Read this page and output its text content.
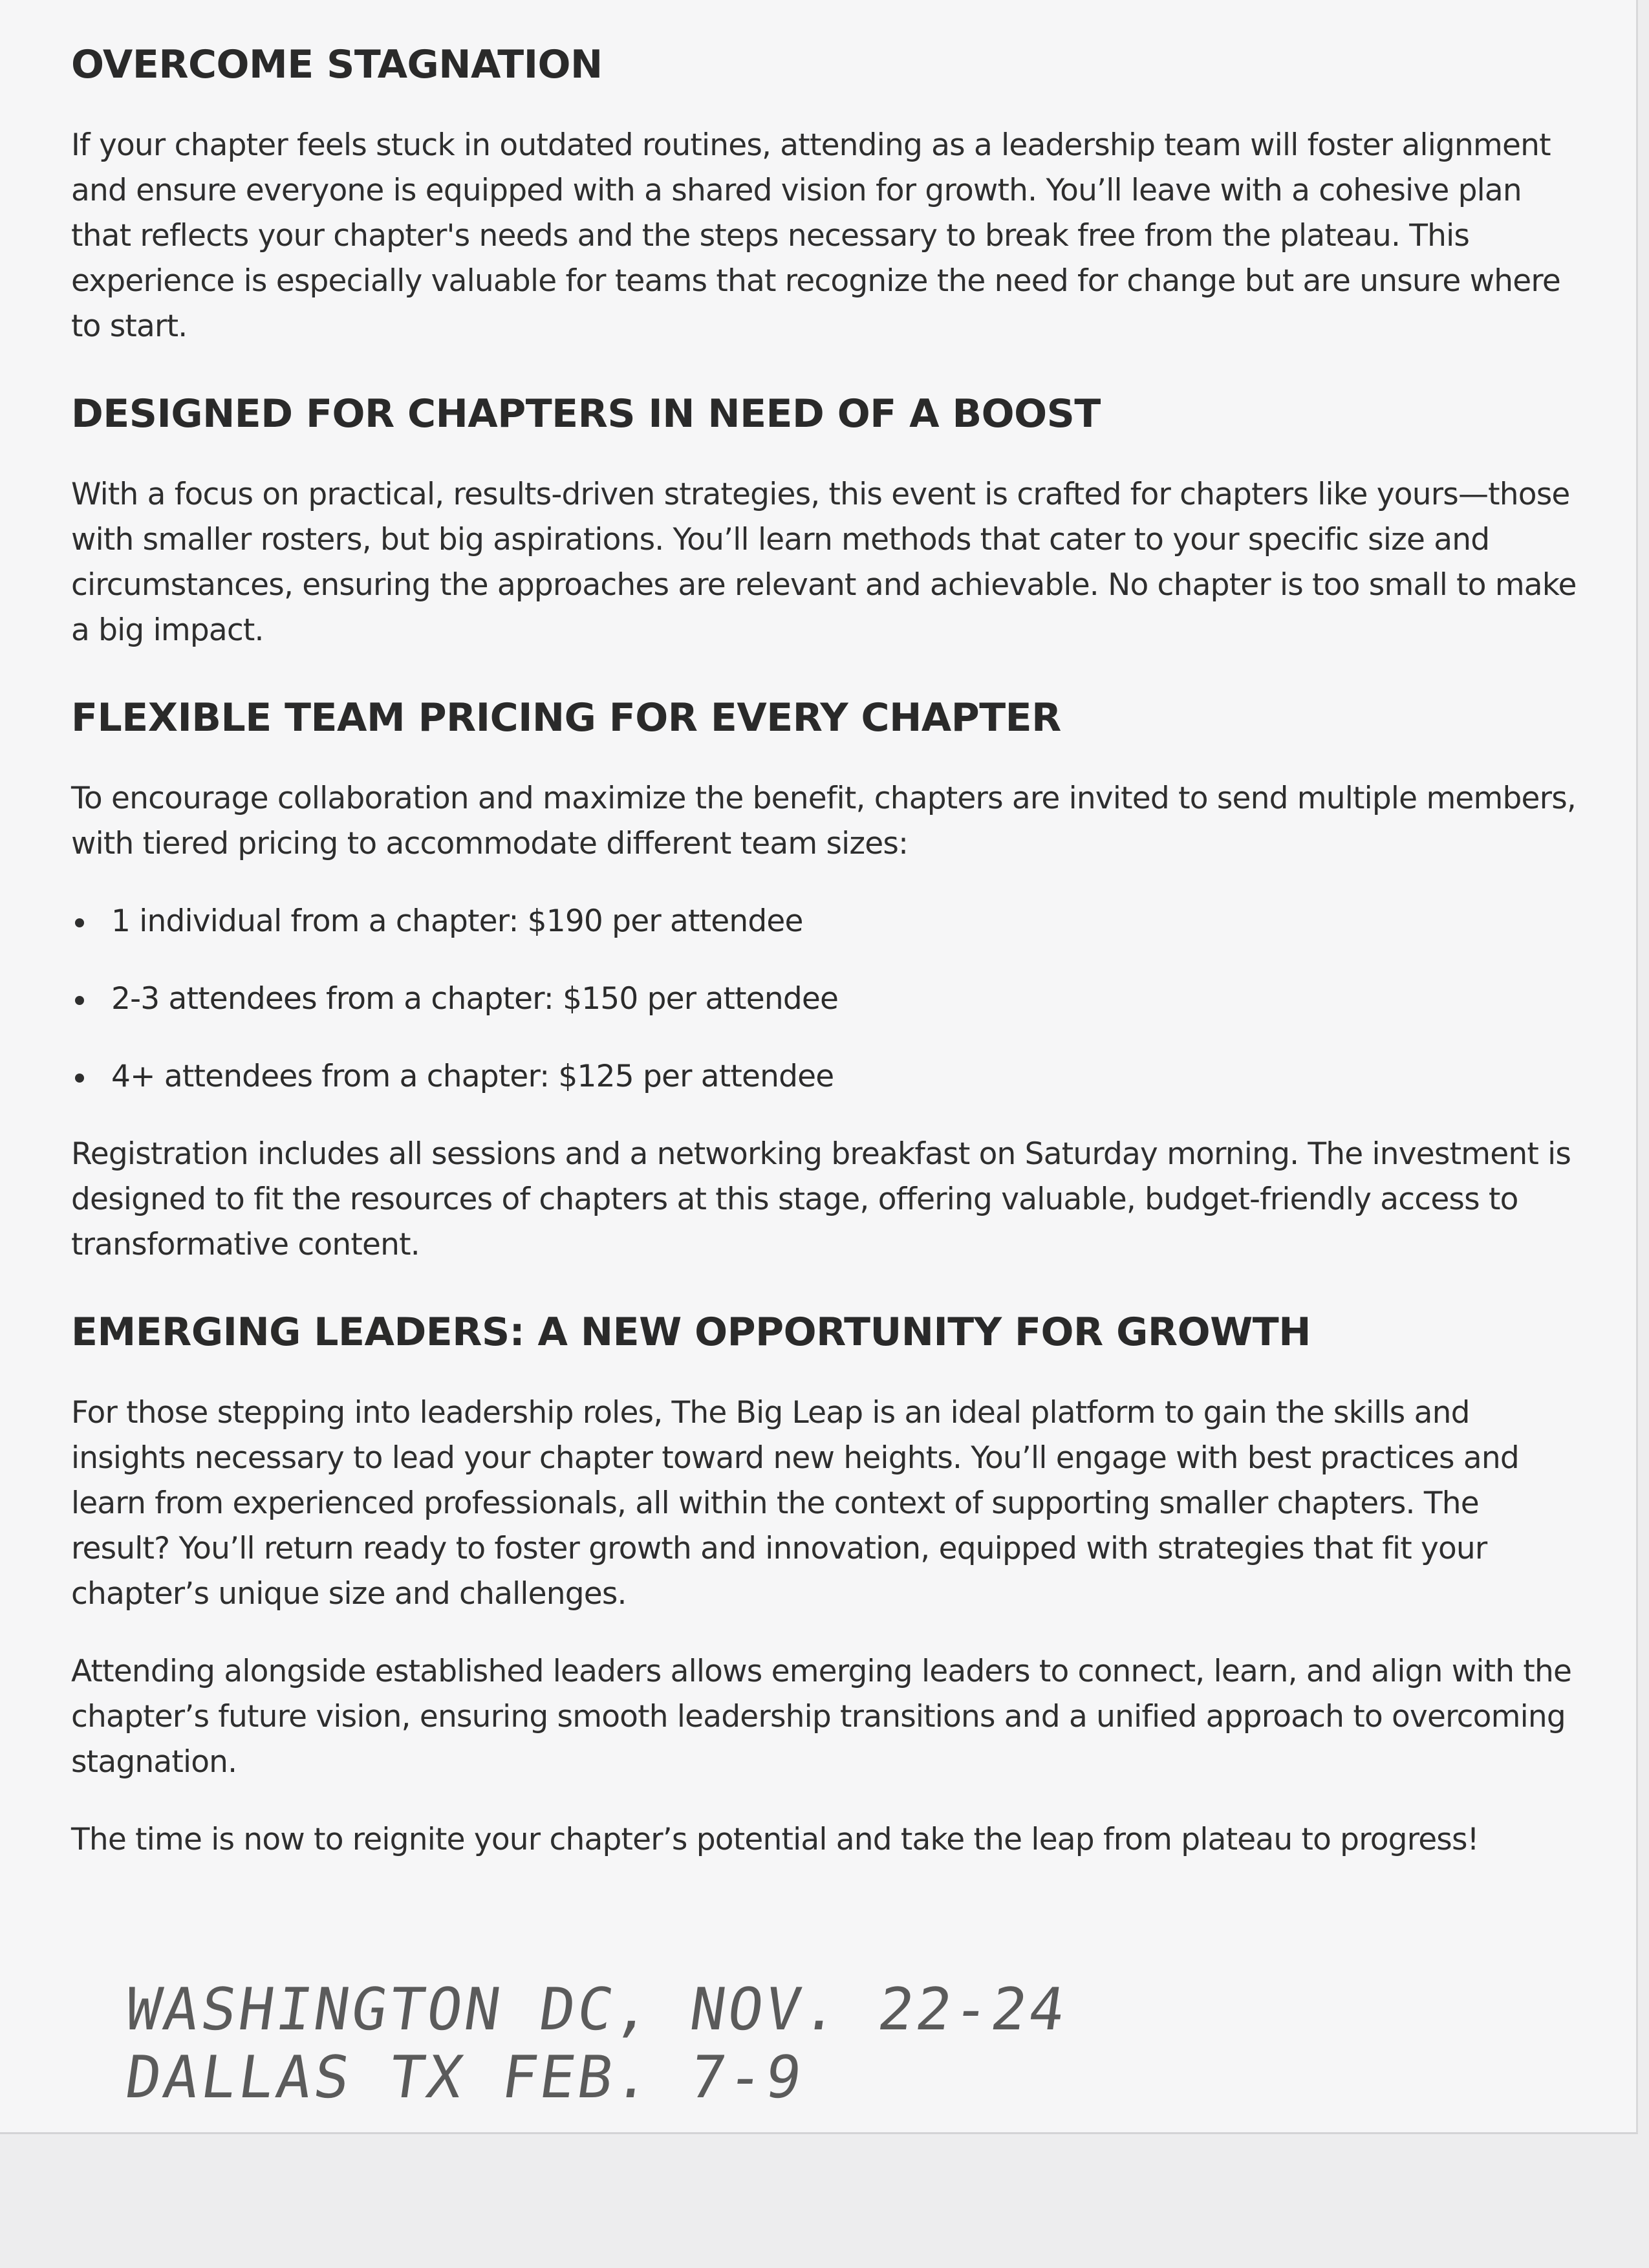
OVERCOME STAGNATION

If your chapter feels stuck in outdated routines, attending as a leadership team will foster alignment and ensure everyone is equipped with a shared vision for growth. You’ll leave with a cohesive plan that reflects your chapter's needs and the steps necessary to break free from the plateau. This experience is especially valuable for teams that recognize the need for change but are unsure where to start.

DESIGNED FOR CHAPTERS IN NEED OF A BOOST

With a focus on practical, results-driven strategies, this event is crafted for chapters like yours—those with smaller rosters, but big aspirations. You’ll learn methods that cater to your specific size and circumstances, ensuring the approaches are relevant and achievable. No chapter is too small to make a big impact.

FLEXIBLE TEAM PRICING FOR EVERY CHAPTER

To encourage collaboration and maximize the benefit, chapters are invited to send multiple members, with tiered pricing to accommodate different team sizes:

1 individual from a chapter: $190 per attendee
2-3 attendees from a chapter: $150 per attendee
4+ attendees from a chapter: $125 per attendee

Registration includes all sessions and a networking breakfast on Saturday morning. The investment is designed to fit the resources of chapters at this stage, offering valuable, budget-friendly access to transformative content.

EMERGING LEADERS: A NEW OPPORTUNITY FOR GROWTH

For those stepping into leadership roles, The Big Leap is an ideal platform to gain the skills and insights necessary to lead your chapter toward new heights. You’ll engage with best practices and learn from experienced professionals, all within the context of supporting smaller chapters. The result? You’ll return ready to foster growth and innovation, equipped with strategies that fit your chapter’s unique size and challenges.

Attending alongside established leaders allows emerging leaders to connect, learn, and align with the chapter’s future vision, ensuring smooth leadership transitions and a unified approach to overcoming stagnation.

The time is now to reignite your chapter’s potential and take the leap from plateau to progress!

WASHINGTON DC, NOV. 22-24
DALLAS TX FEB. 7-9
